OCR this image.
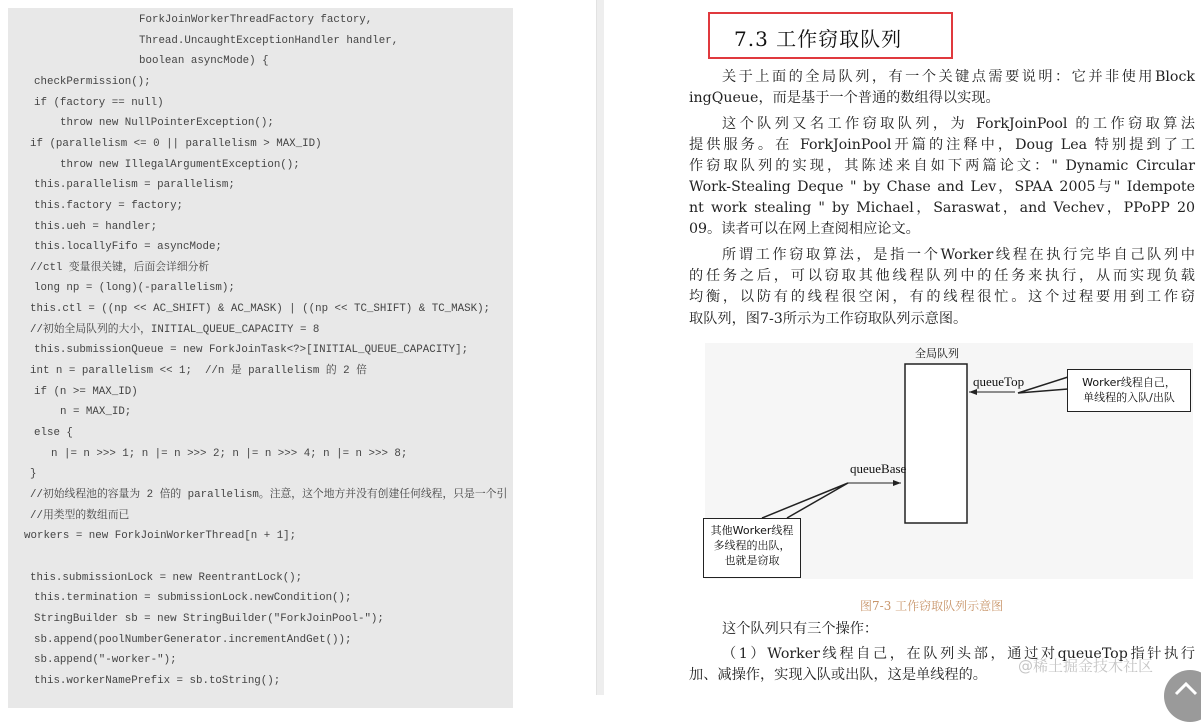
ForkJoinWorkerThreadFactory factory,
Thread.UncaughtExceptionHandler handler,
boolean asyncMode) {
checkPermission();
if (factory == null)
throw new NullPointerException();
if (parallelism <= 0 || parallelism > MAX_ID)
throw new IllegalArgumentException();
this.parallelism = parallelism;
this.factory = factory;
this.ueh = handler;
this.locallyFifo = asyncMode;
//ctl 变量很关键，后面会详细分析
long np = (long)(-parallelism);
this.ctl = ((np << AC_SHIFT) & AC_MASK) | ((np << TC_SHIFT) & TC_MASK);
//初始全局队列的大小，INITIAL_QUEUE_CAPACITY = 8
this.submissionQueue = new ForkJoinTask<?>[INITIAL_QUEUE_CAPACITY];
int n = parallelism << 1;  //n 是 parallelism 的 2 倍
if (n >= MAX_ID)
n = MAX_ID;
else {
n |= n >>> 1; n |= n >>> 2; n |= n >>> 4; n |= n >>> 8;
}
//初始线程池的容量为 2 倍的 parallelism。注意，这个地方并没有创建任何线程，只是一个引
//用类型的数组而已
workers = new ForkJoinWorkerThread[n + 1];
this.submissionLock = new ReentrantLock();
this.termination = submissionLock.newCondition();
StringBuilder sb = new StringBuilder("ForkJoinPool-");
sb.append(poolNumberGenerator.incrementAndGet());
sb.append("-worker-");
this.workerNamePrefix = sb.toString();
7.3 工作窃取队列
关于上面的全局队列，有一个关键点需要说明：它并非使用Block
ingQueue，而是基于一个普通的数组得以实现。
这个队列又名工作窃取队列，为 ForkJoinPool 的工作窃取算法
提供服务。在 ForkJoinPool开篇的注释中，Doug Lea 特别提到了工
作窃取队列的实现，其陈述来自如下两篇论文：" Dynamic Circular
Work-Stealing Deque " by Chase and Lev，SPAA 2005与" Idempote
nt work stealing " by Michael，Saraswat，and Vechev，PPoPP 20
09。读者可以在网上查阅相应论文。
所谓工作窃取算法，是指一个Worker线程在执行完毕自己队列中
的任务之后，可以窃取其他线程队列中的任务来执行，从而实现负载
均衡，以防有的线程很空闲，有的线程很忙。这个过程要用到工作窃
取队列，图7-3所示为工作窃取队列示意图。
这个队列只有三个操作：
（1）Worker线程自己，在队列头部，通过对queueTop指针执行
加、减操作，实现入队或出队，这是单线程的。
全局队列
queueTop
queueBase
Worker线程自己，
单线程的入队/出队
其他Worker线程
多线程的出队，
也就是窃取
图7-3 工作窃取队列示意图
@稀土掘金技术社区
